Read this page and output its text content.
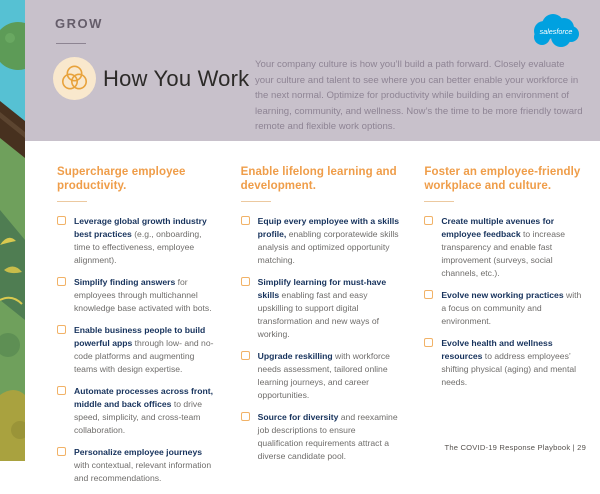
GROW
salesforce
How You Work

Your company culture is how you’ll build a path forward. Closely evaluate your culture and talent to see where you can better enable your workforce in the next normal. Optimize for productivity while building an environment of learning, community, and wellness. Now’s the time to be more friendly toward remote and flexible work options.

Supercharge employee productivity.

Leverage global growth industry best practices (e.g., onboarding, time to effectiveness, employee alignment).

Simplify finding answers for employees through multichannel knowledge base activated with bots.

Enable business people to build powerful apps through low- and no-code platforms and augmenting teams with design expertise.

Automate processes across front, middle and back offices to drive speed, simplicity, and cross-team collaboration.

Personalize employee journeys with contextual, relevant information and recommendations.

Enable lifelong learning and development.

Equip every employee with a skills profile, enabling corporatewide skills analysis and optimized opportunity matching.

Simplify learning for must-have skills enabling fast and easy upskilling to support digital transformation and new ways of working.

Upgrade reskilling with workforce needs assessment, tailored online learning journeys, and career opportunities.

Source for diversity and reexamine job descriptions to ensure qualification requirements attract a diverse candidate pool.

Foster an employee-friendly workplace and culture.

Create multiple avenues for employee feedback to increase transparency and enable fast improvement (surveys, social channels, etc.).

Evolve new working practices with a focus on community and environment.

Evolve health and wellness resources to address employees’ shifting physical (aging) and mental needs.

The COVID-19 Response Playbook | 29
